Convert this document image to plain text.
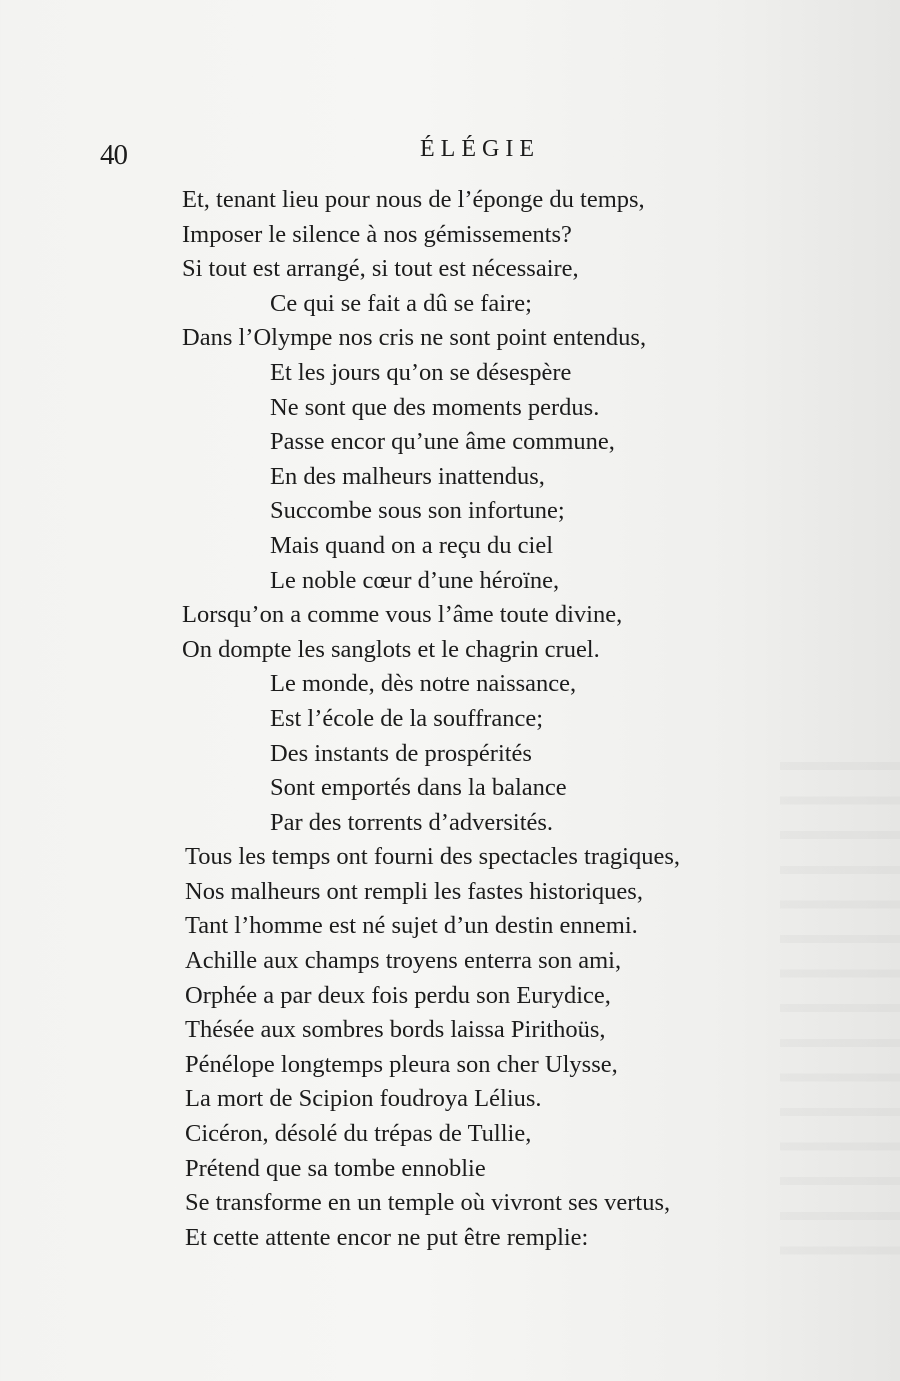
40	ÉLÉGIE
Et, tenant lieu pour nous de l’éponge du temps,
Imposer le silence à nos gémissements?
Si tout est arrangé, si tout est nécessaire,
Ce qui se fait a dû se faire;
Dans l’Olympe nos cris ne sont point entendus,
Et les jours qu’on se désespère
Ne sont que des moments perdus.
Passe encor qu’une âme commune,
En des malheurs inattendus,
Succombe sous son infortune;
Mais quand on a reçu du ciel
Le noble cœur d’une héroïne,
Lorsqu’on a comme vous l’âme toute divine,
On dompte les sanglots et le chagrin cruel.
Le monde, dès notre naissance,
Est l’école de la souffrance;
Des instants de prospérités
Sont emportés dans la balance
Par des torrents d’adversités.
Tous les temps ont fourni des spectacles tragiques,
Nos malheurs ont rempli les fastes historiques,
Tant l’homme est né sujet d’un destin ennemi.
Achille aux champs troyens enterra son ami,
Orphée a par deux fois perdu son Eurydice,
Thésée aux sombres bords laissa Pirithoüs,
Pénélope longtemps pleura son cher Ulysse,
La mort de Scipion foudroya Lélius.
Cicéron, désolé du trépas de Tullie,
Prétend que sa tombe ennoblie
Se transforme en un temple où vivront ses vertus,
Et cette attente encor ne put être remplie:
